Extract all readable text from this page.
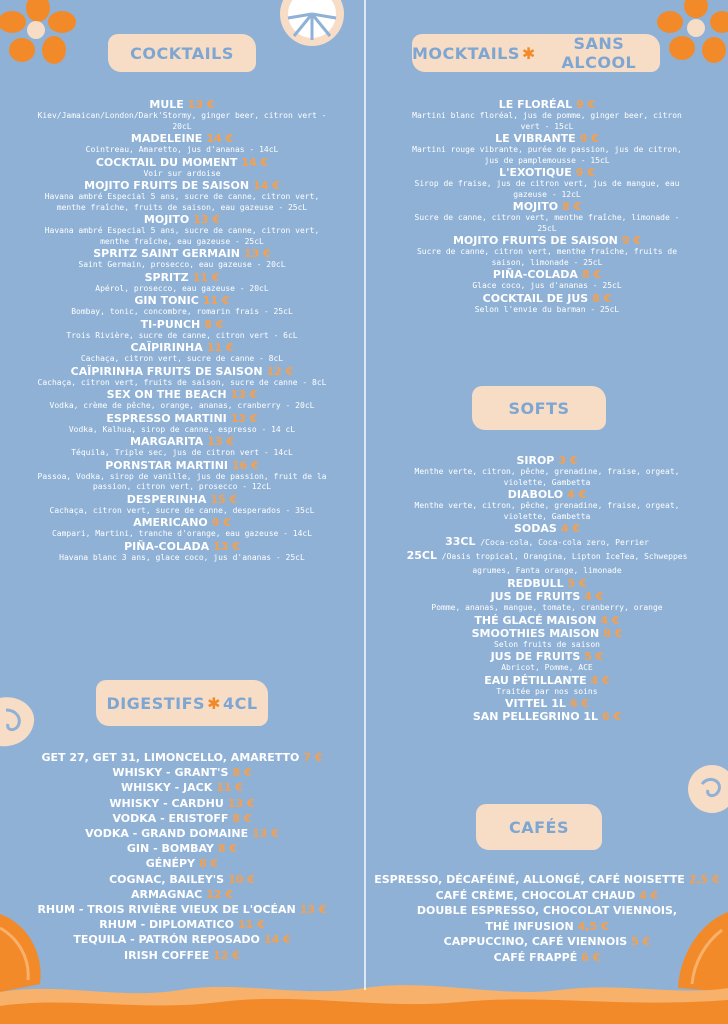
COCKTAILS
MULE 13 €
Kiev/Jamaican/London/Dark'Stormy, ginger beer, citron vert - 20cL
MADELEINE 14 €
Cointreau, Amaretto, jus d'ananas - 14cL
COCKTAIL DU MOMENT 14 €
Voir sur ardoise
MOJITO FRUITS DE SAISON 14 €
Havana ambré Especial 5 ans, sucre de canne, citron vert, menthe fraîche, fruits de saison, eau gazeuse - 25cL
MOJITO 13 €
Havana ambré Especial 5 ans, sucre de canne, citron vert, menthe fraîche, eau gazeuse - 25cL
SPRITZ SAINT GERMAIN 13 €
Saint Germain, prosecco, eau gazeuse - 20cL
SPRITZ 11 €
Apérol, prosecco, eau gazeuse - 20cL
GIN TONIC 11 €
Bombay, tonic, concombre, romarin frais - 25cL
TI-PUNCH 8 €
Trois Rivière, sucre de canne, citron vert - 6cL
CAÏPIRINHA 11 €
Cachaça, citron vert, sucre de canne - 8cL
CAÏPIRINHA FRUITS DE SAISON 12 €
Cachaça, citron vert, fruits de saison, sucre de canne - 8cL
SEX ON THE BEACH 13 €
Vodka, crème de pêche, orange, ananas, cranberry - 20cL
ESPRESSO MARTINI 13 €
Vodka, Kalhua, sirop de canne, espresso - 14 cL
MARGARITA 13 €
Téquila, Triple sec, jus de citron vert - 14cL
PORNSTAR MARTINI 16 €
Passoa, Vodka, sirop de vanille, jus de passion, fruit de la passion, citron vert, prosecco - 12cL
DESPERINHA 15 €
Cachaça, citron vert, sucre de canne, desperados - 35cL
AMERICANO 9 €
Campari, Martini, tranche d'orange, eau gazeuse - 14cL
PIÑA-COLADA 13 €
Havana blanc 3 ans, glace coco, jus d'ananas - 25cL
DIGESTIFS ✱ 4CL
GET 27, GET 31, LIMONCELLO, AMARETTO 7 €
WHISKY - GRANT'S 8 €
WHISKY - JACK 11 €
WHISKY - CARDHU 13 €
VODKA - ERISTOFF 8 €
VODKA - GRAND DOMAINE 13 €
GIN - BOMBAY 8 €
GÉNÉPY 8 €
COGNAC, BAILEY'S 10 €
ARMAGNAC 12 €
RHUM - TROIS RIVIÈRE VIEUX DE L'OCÉAN 13 €
RHUM - DIPLOMATICO 11 €
TEQUILA - PATRÓN REPOSADO 14 €
IRISH COFFEE 12 €
MOCKTAILS ✱	SANS ALCOOL
LE FLORÉAL 9 €
Martini blanc floréal, jus de pomme, ginger beer, citron vert - 15cL
LE VIBRANTE 9 €
Martini rouge vibrante, purée de passion, jus de citron, jus de pamplemousse - 15cL
L'EXOTIQUE 9 €
Sirop de fraise, jus de citron vert, jus de mangue, eau gazeuse - 12cL
MOJITO 8 €
Sucre de canne, citron vert, menthe fraîche, limonade - 25cL
MOJITO FRUITS DE SAISON 9 €
Sucre de canne, citron vert, menthe fraîche, fruits de saison, limonade - 25cL
PIÑA-COLADA 8 €
Glace coco, jus d'ananas - 25cL
COCKTAIL DE JUS 8 €
Selon l'envie du barman - 25cL
SOFTS
SIROP 3 €
Menthe verte, citron, pêche, grenadine, fraise, orgeat, violette, Gambetta
DIABOLO 4 €
Menthe verte, citron, pêche, grenadine, fraise, orgeat, violette, Gambetta
SODAS 4 €
33CL /Coca-cola, Coca-cola zero, Perrier
25CL /Oasis tropical, Orangina, Lipton IceTea, Schweppes agrumes, Fanta orange, limonade
REDBULL 5 €
JUS DE FRUITS 4 €
Pomme, ananas, mangue, tomate, cranberry, orange
THÉ GLACÉ MAISON 4 €
SMOOTHIES MAISON 8 €
Selon fruits de saison
JUS DE FRUITS 5 €
Abricot, Pomme, ACE
EAU PÉTILLANTE 4 €
Traitée par nos soins
VITTEL 1L 6 €
SAN PELLEGRINO 1L 6 €
CAFÉS
ESPRESSO, DÉCAFÉINÉ, ALLONGÉ, CAFÉ NOISETTE 2,5 €
CAFÉ CRÈME, CHOCOLAT CHAUD 4 €
DOUBLE ESPRESSO, CHOCOLAT VIENNOIS,
THÉ INFUSION 4,5 €
CAPPUCCINO, CAFÉ VIENNOIS 5 €
CAFÉ FRAPPÉ 6 €
